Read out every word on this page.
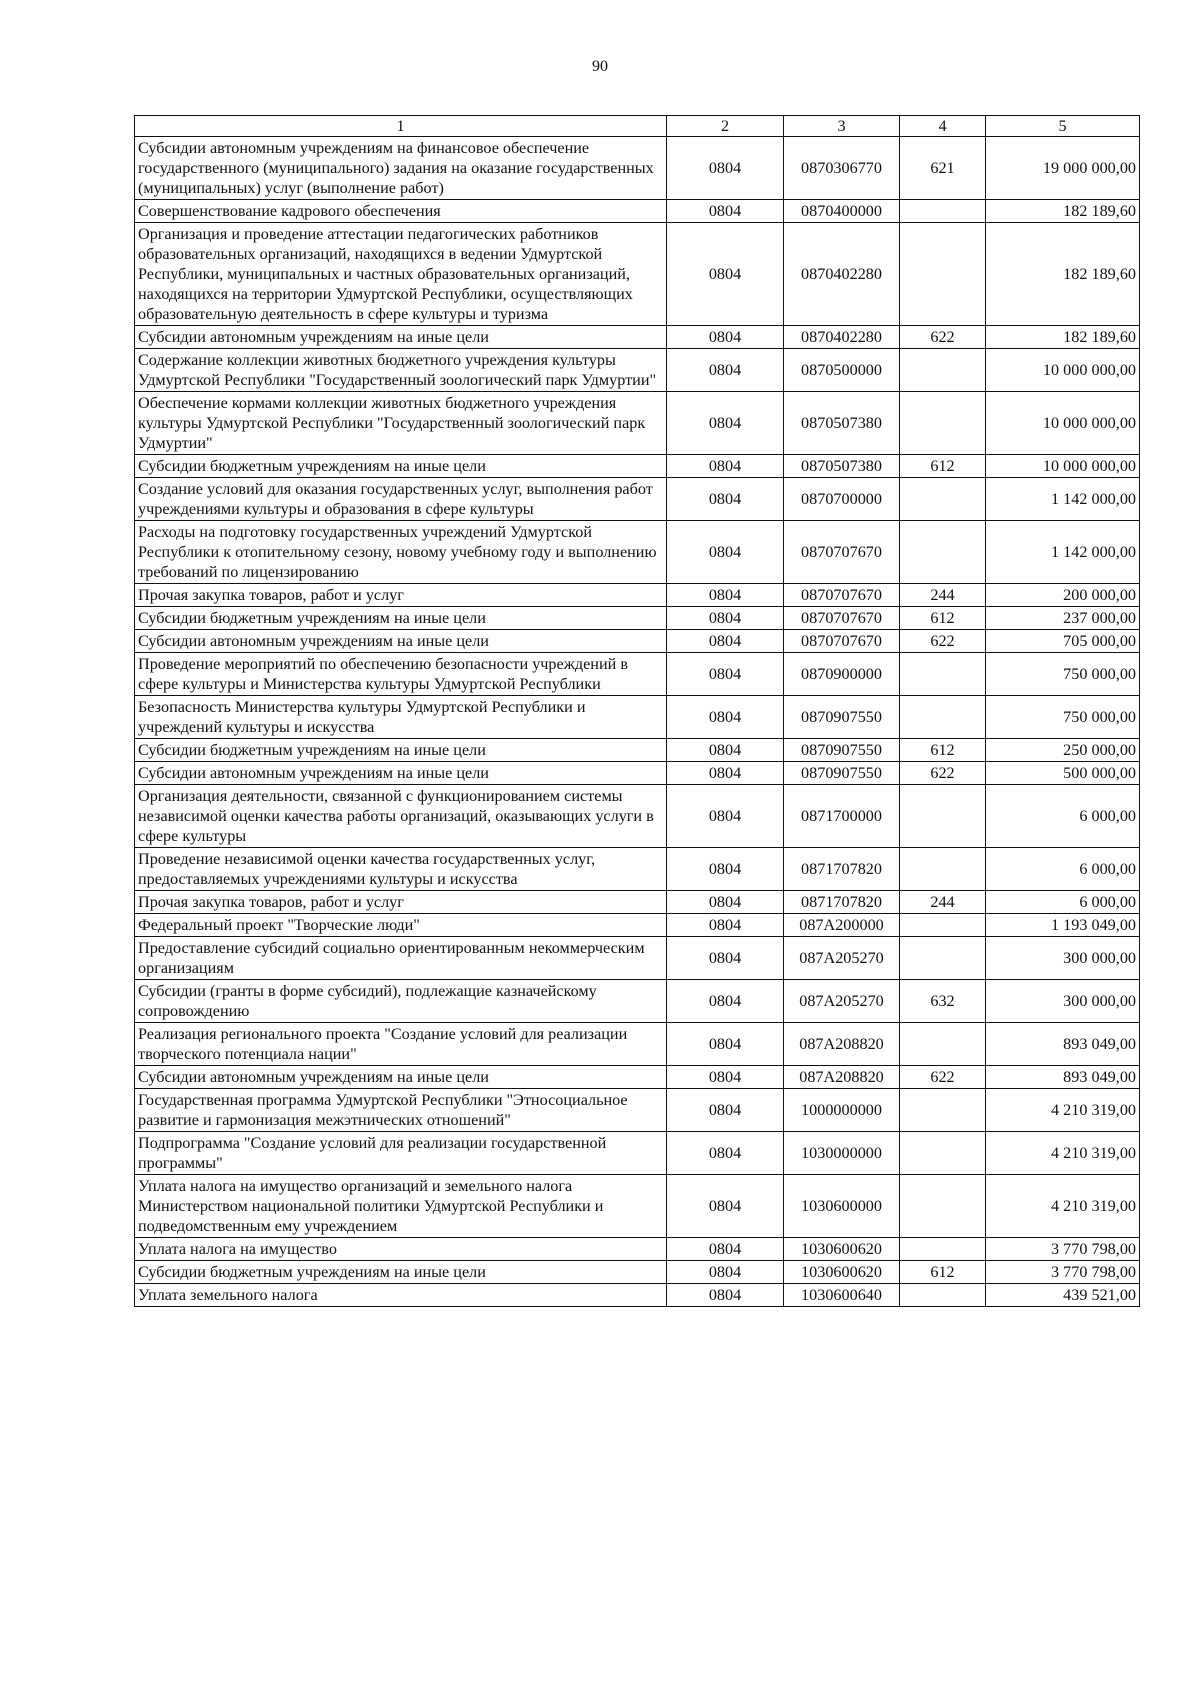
90
1	2	3	4	5
Субсидии автономным учреждениям на финансовое обеспечение государственного (муниципального) задания на оказание государственных (муниципальных) услуг (выполнение работ)	0804	0870306770	621	19 000 000,00
Совершенствование кадрового обеспечения	0804	0870400000		182 189,60
Организация и проведение аттестации педагогических работников образовательных организаций, находящихся в ведении Удмуртской Республики, муниципальных и частных образовательных организаций, находящихся на территории Удмуртской Республики, осуществляющих образовательную деятельность в сфере культуры и туризма	0804	0870402280		182 189,60
Субсидии автономным учреждениям на иные цели	0804	0870402280	622	182 189,60
Содержание коллекции животных бюджетного учреждения культуры Удмуртской Республики "Государственный зоологический парк Удмуртии"	0804	0870500000		10 000 000,00
Обеспечение кормами коллекции животных бюджетного учреждения культуры Удмуртской Республики "Государственный зоологический парк Удмуртии"	0804	0870507380		10 000 000,00
Субсидии бюджетным учреждениям на иные цели	0804	0870507380	612	10 000 000,00
Создание условий для оказания государственных услуг, выполнения работ учреждениями культуры и образования в сфере культуры	0804	0870700000		1 142 000,00
Расходы на подготовку государственных учреждений Удмуртской Республики к отопительному сезону, новому учебному году и выполнению требований по лицензированию	0804	0870707670		1 142 000,00
Прочая закупка товаров, работ и услуг	0804	0870707670	244	200 000,00
Субсидии бюджетным учреждениям на иные цели	0804	0870707670	612	237 000,00
Субсидии автономным учреждениям на иные цели	0804	0870707670	622	705 000,00
Проведение мероприятий по обеспечению безопасности учреждений в сфере культуры и Министерства культуры Удмуртской Республики	0804	0870900000		750 000,00
Безопасность Министерства культуры Удмуртской Республики и учреждений культуры и искусства	0804	0870907550		750 000,00
Субсидии бюджетным учреждениям на иные цели	0804	0870907550	612	250 000,00
Субсидии автономным учреждениям на иные цели	0804	0870907550	622	500 000,00
Организация деятельности, связанной с функционированием системы независимой оценки качества работы организаций, оказывающих услуги в сфере культуры	0804	0871700000		6 000,00
Проведение независимой оценки качества государственных услуг, предоставляемых учреждениями культуры и искусства	0804	0871707820		6 000,00
Прочая закупка товаров, работ и услуг	0804	0871707820	244	6 000,00
Федеральный проект "Творческие люди"	0804	087A200000		1 193 049,00
Предоставление субсидий социально ориентированным некоммерческим организациям	0804	087A205270		300 000,00
Субсидии (гранты в форме субсидий), подлежащие казначейскому сопровождению	0804	087A205270	632	300 000,00
Реализация регионального проекта "Создание условий для реализации творческого потенциала нации"	0804	087A208820		893 049,00
Субсидии автономным учреждениям на иные цели	0804	087A208820	622	893 049,00
Государственная программа Удмуртской Республики "Этносоциальное развитие и гармонизация межэтнических отношений"	0804	1000000000		4 210 319,00
Подпрограмма "Создание условий для реализации государственной программы"	0804	1030000000		4 210 319,00
Уплата налога на имущество организаций и земельного налога Министерством национальной политики Удмуртской Республики и подведомственным ему учреждением	0804	1030600000		4 210 319,00
Уплата налога на имущество	0804	1030600620		3 770 798,00
Субсидии бюджетным учреждениям на иные цели	0804	1030600620	612	3 770 798,00
Уплата земельного налога	0804	1030600640		439 521,00
